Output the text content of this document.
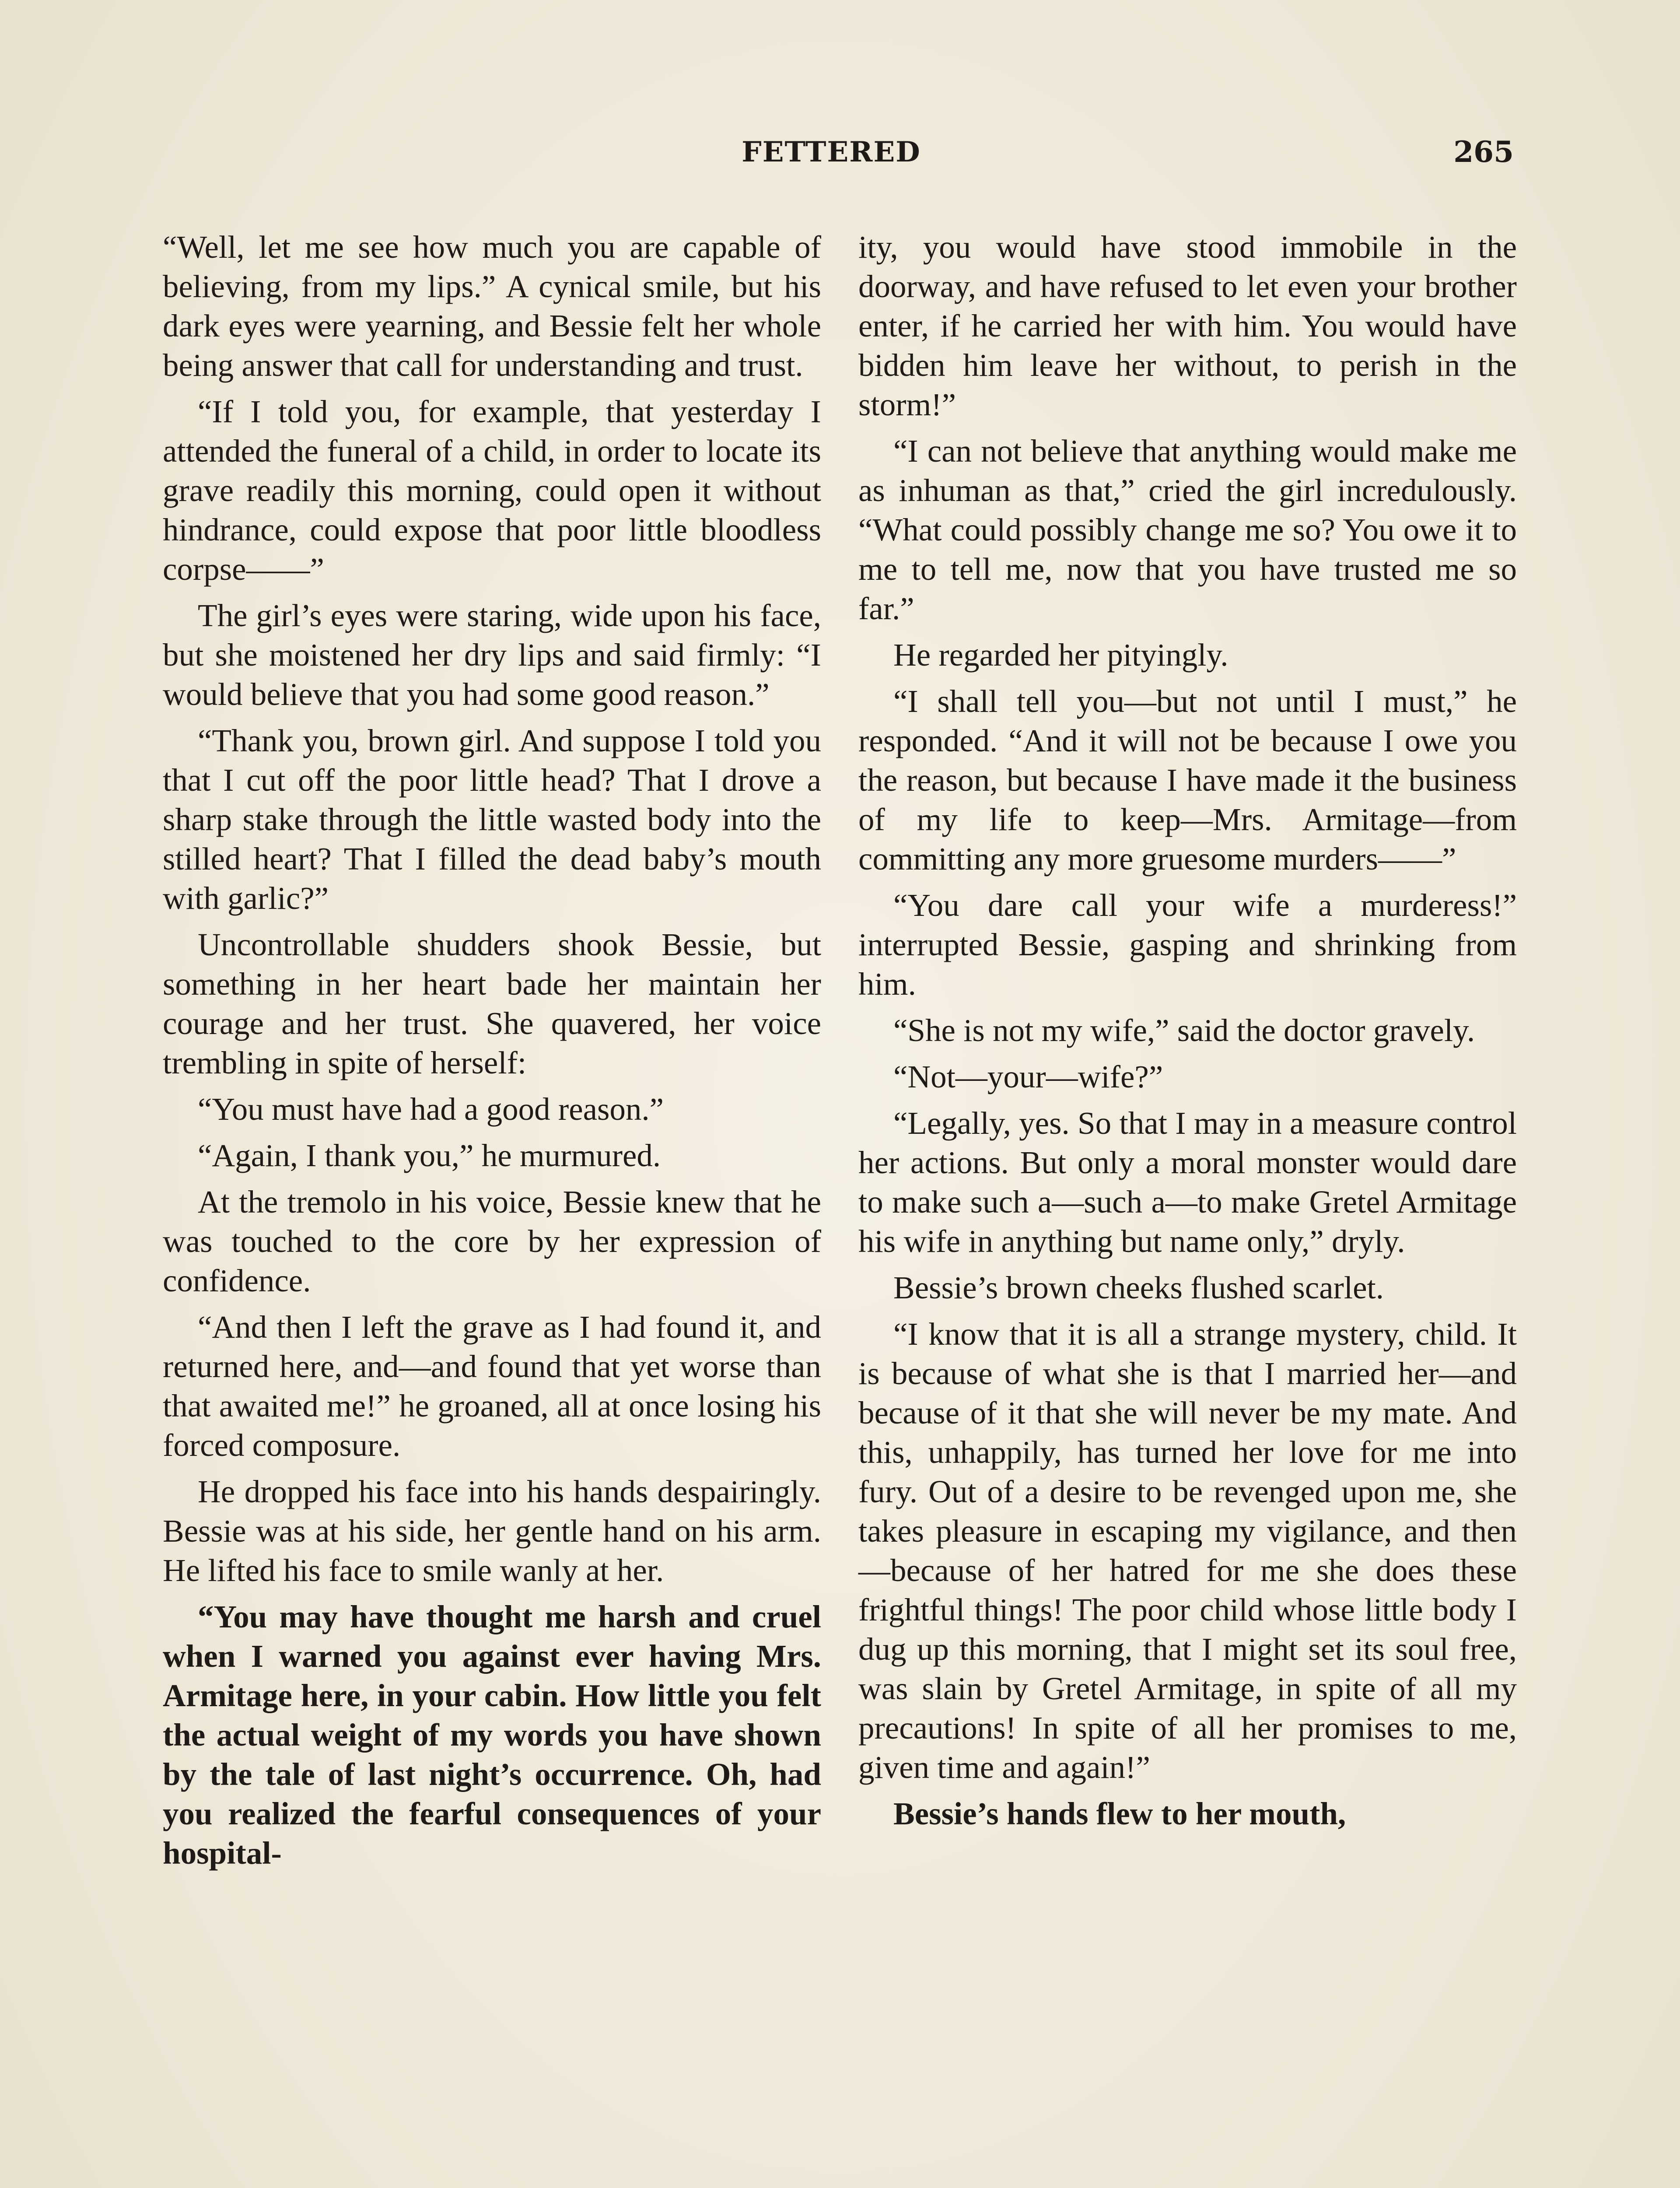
FETTERED	265

“Well, let me see how much you are capable of believing, from my lips.” A cynical smile, but his dark eyes were yearning, and Bessie felt her whole being answer that call for understanding and trust.

“If I told you, for example, that yesterday I attended the funeral of a child, in order to locate its grave readily this morning, could open it without hindrance, could expose that poor little bloodless corpse——”

The girl’s eyes were staring, wide upon his face, but she moistened her dry lips and said firmly: “I would believe that you had some good reason.”

“Thank you, brown girl. And suppose I told you that I cut off the poor little head? That I drove a sharp stake through the little wasted body into the stilled heart? That I filled the dead baby’s mouth with garlic?”

Uncontrollable shudders shook Bessie, but something in her heart bade her maintain her courage and her trust. She quavered, her voice trembling in spite of herself:

“You must have had a good reason.”

“Again, I thank you,” he murmured.

At the tremolo in his voice, Bessie knew that he was touched to the core by her expression of confidence.

“And then I left the grave as I had found it, and returned here, and—and found that yet worse than that awaited me!” he groaned, all at once losing his forced composure.

He dropped his face into his hands despairingly. Bessie was at his side, her gentle hand on his arm. He lifted his face to smile wanly at her.

“You may have thought me harsh and cruel when I warned you against ever having Mrs. Armitage here, in your cabin. How little you felt the actual weight of my words you have shown by the tale of last night’s occurrence. Oh, had you realized the fearful consequences of your hospital-

ity, you would have stood immobile in the doorway, and have refused to let even your brother enter, if he carried her with him. You would have bidden him leave her without, to perish in the storm!”

“I can not believe that anything would make me as inhuman as that,” cried the girl incredulously. “What could possibly change me so? You owe it to me to tell me, now that you have trusted me so far.”

He regarded her pityingly.

“I shall tell you—but not until I must,” he responded. “And it will not be because I owe you the reason, but because I have made it the business of my life to keep—Mrs. Armitage—from committing any more gruesome murders——”

“You dare call your wife a murderess!” interrupted Bessie, gasping and shrinking from him.

“She is not my wife,” said the doctor gravely.

“Not—your—wife?”

“Legally, yes. So that I may in a measure control her actions. But only a moral monster would dare to make such a—such a—to make Gretel Armitage his wife in anything but name only,” dryly.

Bessie’s brown cheeks flushed scarlet.

“I know that it is all a strange mystery, child. It is because of what she is that I married her—and because of it that she will never be my mate. And this, unhappily, has turned her love for me into fury. Out of a desire to be revenged upon me, she takes pleasure in escaping my vigilance, and then—because of her hatred for me she does these frightful things! The poor child whose little body I dug up this morning, that I might set its soul free, was slain by Gretel Armitage, in spite of all my precautions! In spite of all her promises to me, given time and again!”

Bessie’s hands flew to her mouth,
